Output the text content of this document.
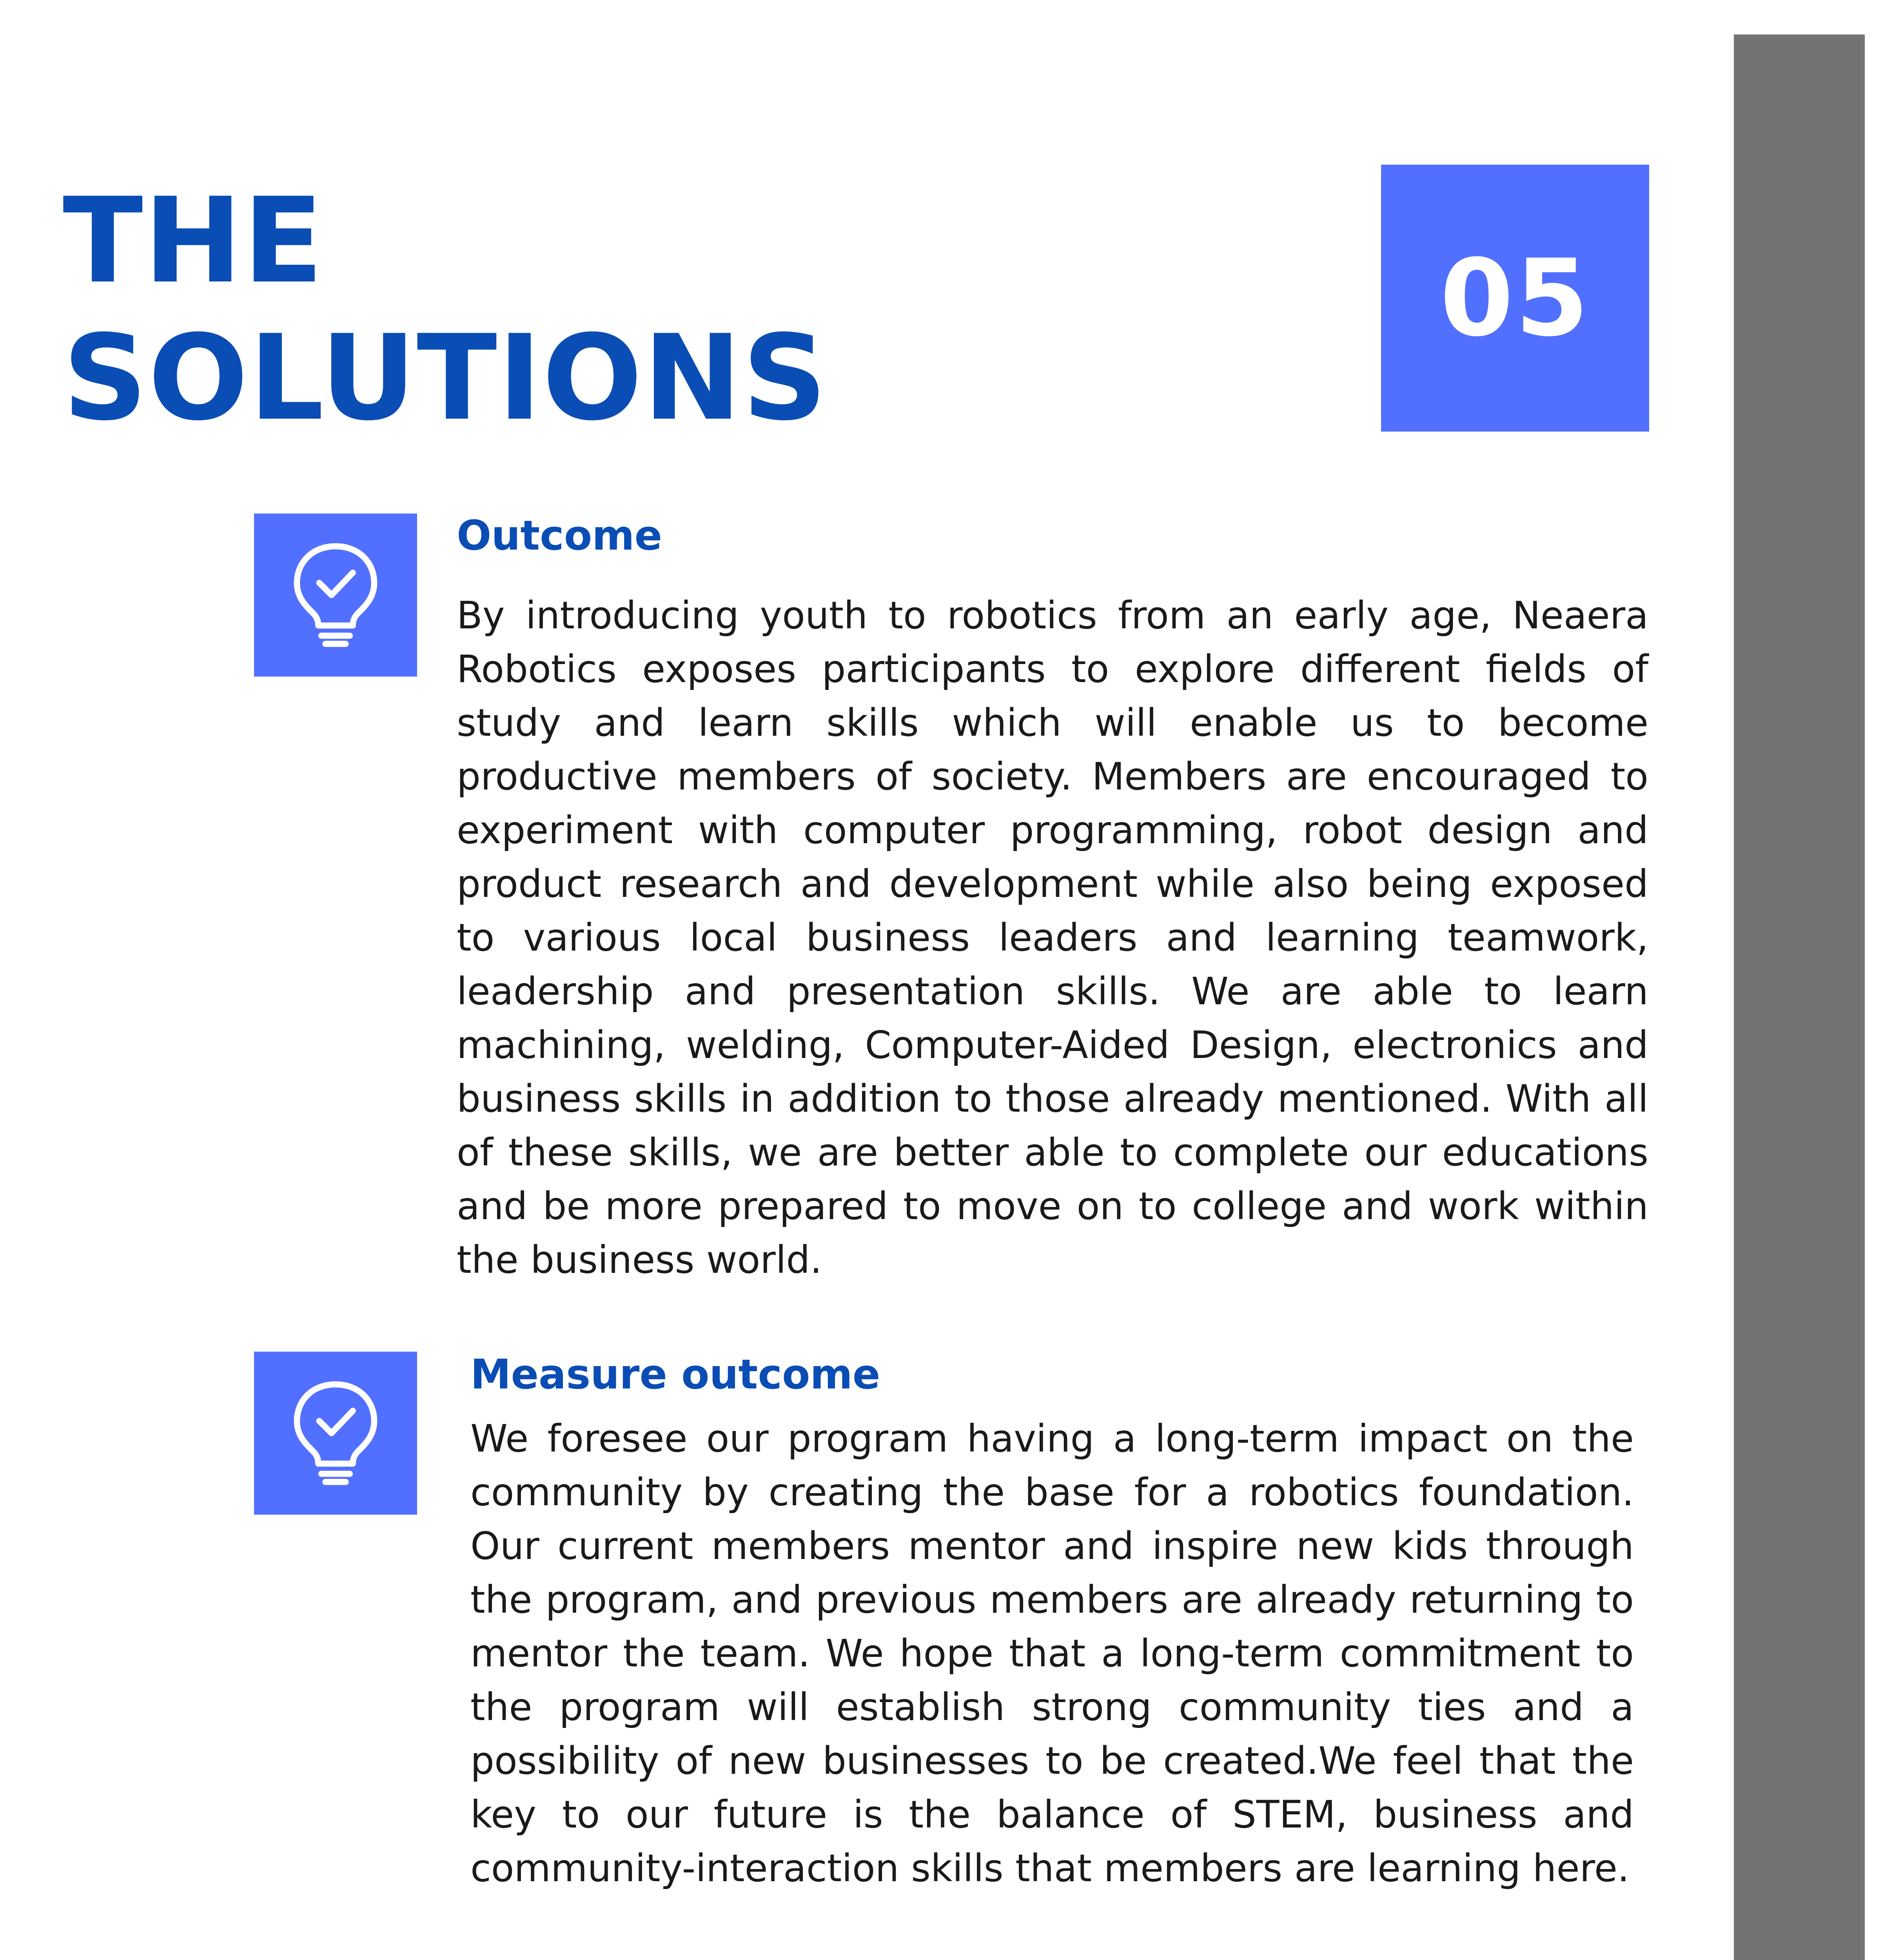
THE
SOLUTIONS
05
Outcome

By introducing youth to robotics from an early age, Neaera Robotics exposes participants to explore different fields of study and learn skills which will enable us to become productive members of society. Members are encouraged to experiment with computer programming, robot design and product research and development while also being exposed to various local business leaders and learning teamwork, leadership and presentation skills. We are able to learn machining, welding, Computer-Aided Design, electronics and business skills in addition to those already mentioned. With all of these skills, we are better able to complete our educations and be more prepared to move on to college and work within the business world.

Measure outcome

We foresee our program having a long-term impact on the community by creating the base for a robotics foundation. Our current members mentor and inspire new kids through the program, and previous members are already returning to mentor the team. We hope that a long-term commitment to the program will establish strong community ties and a possibility of new businesses to be created.We feel that the key to our future is the balance of STEM, business and community-interaction skills that members are learning here.
